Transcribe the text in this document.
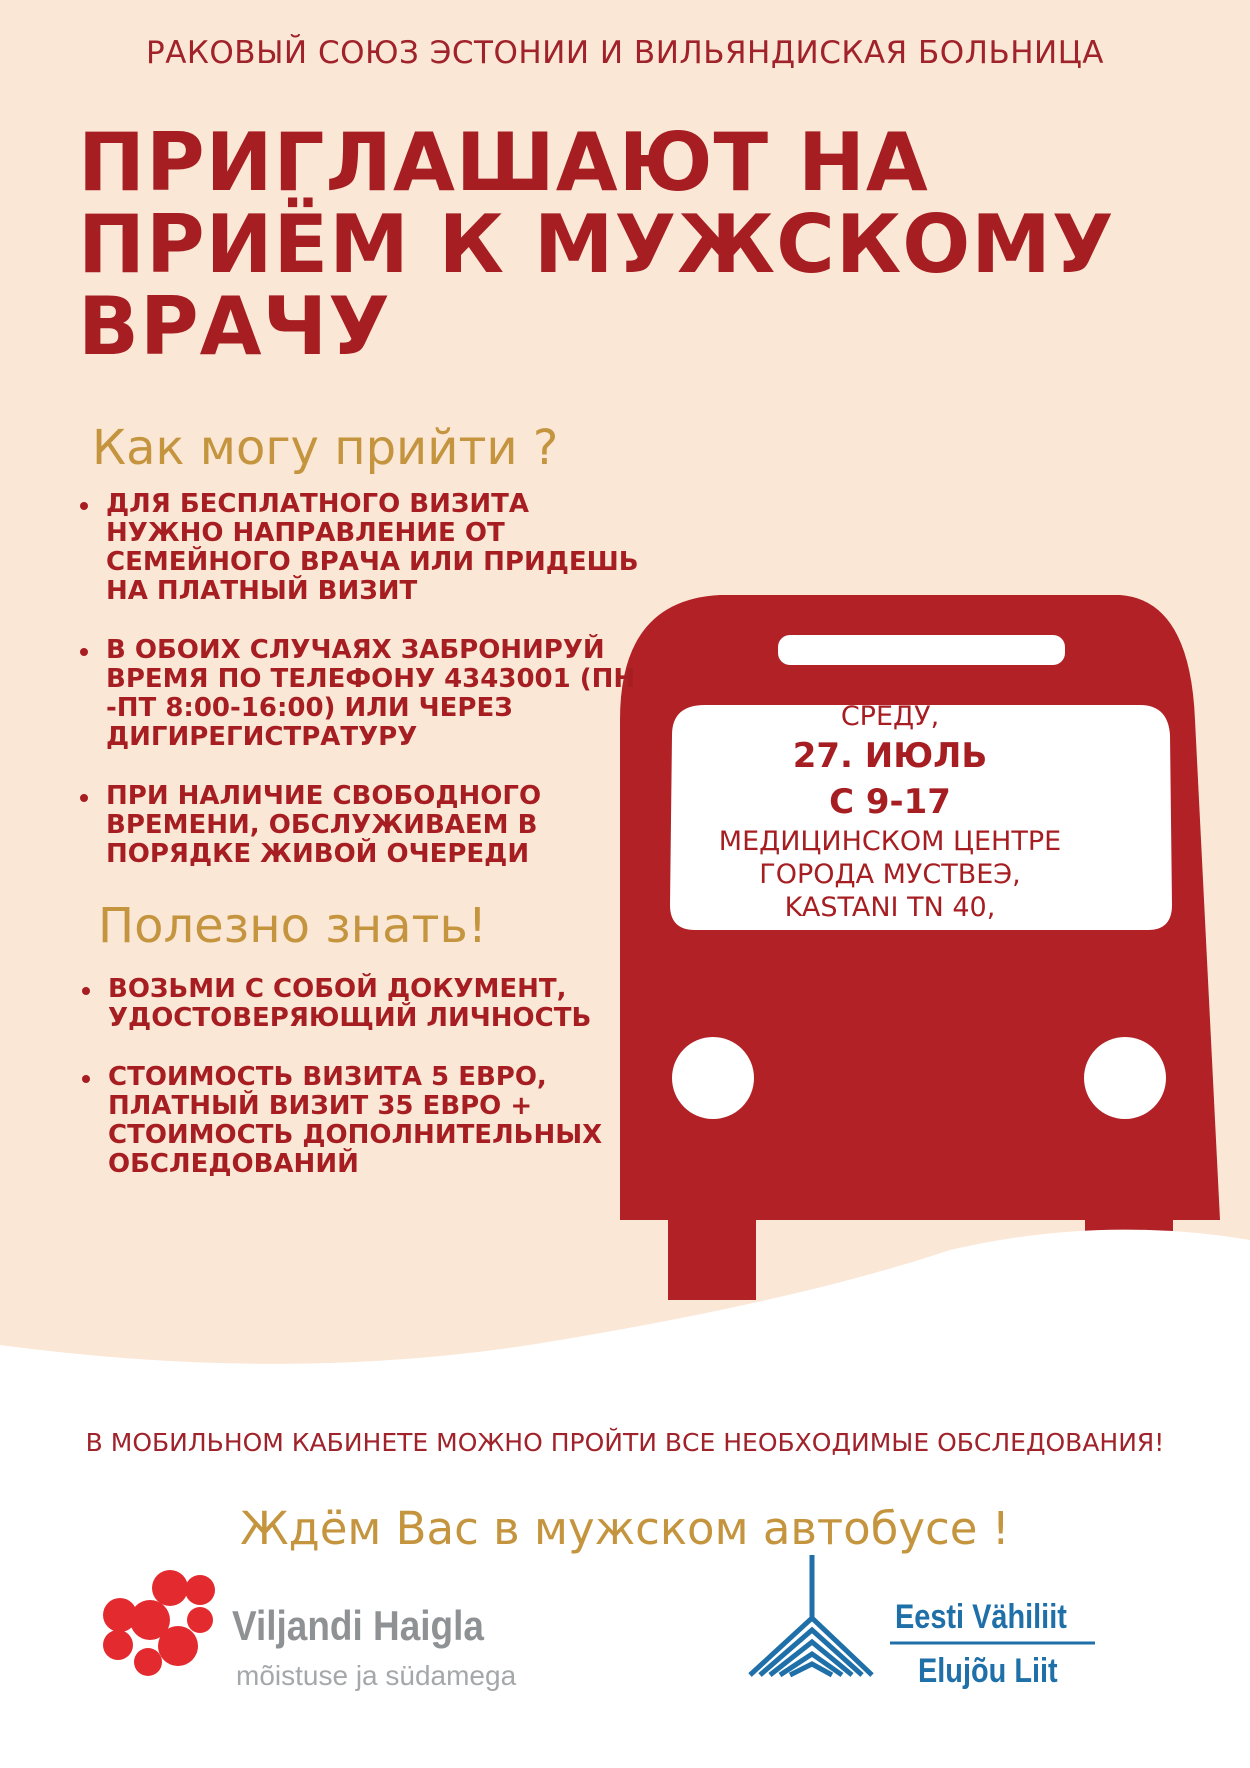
РАКОВЫЙ СОЮЗ ЭСТОНИИ И ВИЛЬЯНДИСКАЯ БОЛЬНИЦА
ПРИГЛАШАЮТ НА
ПРИЁМ К МУЖСКОМУ
ВРАЧУ
Как могу прийти ?
ДЛЯ БЕСПЛАТНОГО ВИЗИТА НУЖНО НАПРАВЛЕНИЕ ОТ СЕМЕЙНОГО ВРАЧА ИЛИ ПРИДЕШЬ НА ПЛАТНЫЙ ВИЗИТ
В ОБОИХ СЛУЧАЯХ ЗАБРОНИРУЙ ВРЕМЯ ПО ТЕЛЕФОНУ 4343001 (ПН -ПТ 8:00-16:00) ИЛИ ЧЕРЕЗ ДИГИРЕГИСТРАТУРУ
ПРИ НАЛИЧИЕ СВОБОДНОГО ВРЕМЕНИ, ОБСЛУЖИВАЕМ В ПОРЯДКЕ ЖИВОЙ ОЧЕРЕДИ
Полезно знать!
ВОЗЬМИ С СОБОЙ ДОКУМЕНТ, УДОСТОВЕРЯЮЩИЙ ЛИЧНОСТЬ
СТОИМОСТЬ ВИЗИТА 5 ЕВРО, ПЛАТНЫЙ ВИЗИТ 35 ЕВРО + СТОИМОСТЬ ДОПОЛНИТЕЛЬНЫХ ОБСЛЕДОВАНИЙ
СРЕДУ,
27. ИЮЛЬ
С 9-17
МЕДИЦИНСКОМ ЦЕНТРЕ
ГОРОДА МУСТВЕЭ,
KASTANI TN 40,
В МОБИЛЬНОМ КАБИНЕТЕ МОЖНО ПРОЙТИ ВСЕ НЕОБХОДИМЫЕ ОБСЛЕДОВАНИЯ!
Ждём Вас в мужском автобусе !
Viljandi Haigla
mõistuse ja südamega
Eesti Vähiliit
Elujõu Liit
